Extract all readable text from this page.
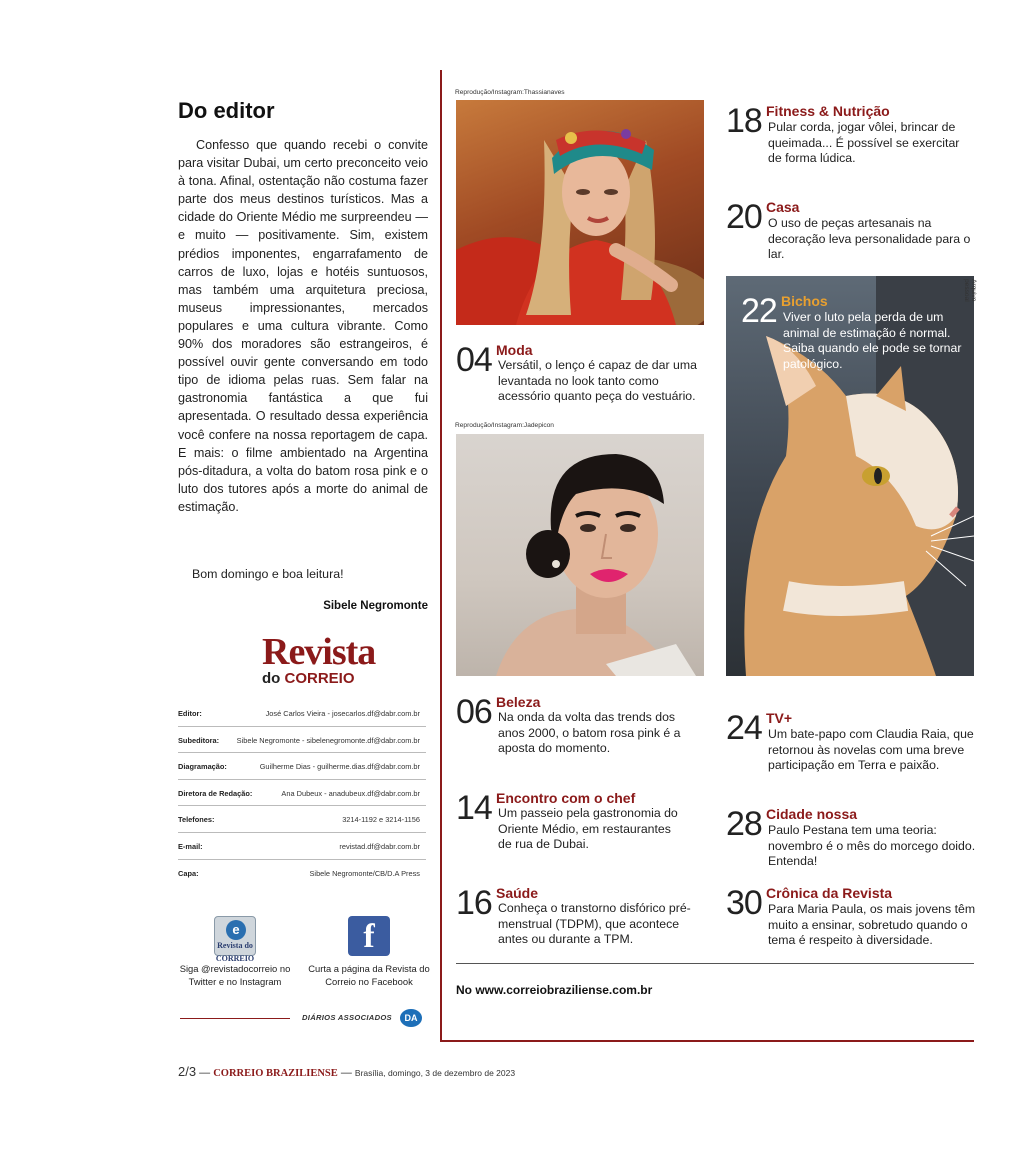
Do editor

Confesso que quando recebi o convite para visitar Dubai, um certo preconceito veio à tona. Afinal, ostentação não costuma fazer parte dos meus destinos turísticos. Mas a cidade do Oriente Médio me surpreendeu — e muito — positivamente. Sim, existem prédios imponentes, engarrafamento de carros de luxo, lojas e hotéis suntuosos, mas também uma arquitetura preciosa, museus impressionantes, mercados populares e uma cultura vibrante. Como 90% dos moradores são estrangeiros, é possível ouvir gente conversando em todo tipo de idioma pelas ruas. Sem falar na gastronomia fantástica a que fui apresentada. O resultado dessa experiência você confere na nossa reportagem de capa. E mais: o filme ambientado na Argentina pós-ditadura, a volta do batom rosa pink e o luto dos tutores após a morte do animal de estimação.

Bom domingo e boa leitura!
Sibele Negromonte
Revista
do CORREIO
Editor:	José Carlos Vieira - josecarlos.df@dabr.com.br
Subeditora: Sibele Negromonte - sibelenegromonte.df@dabr.com.br
Diagramação:	Guilherme Dias - guilherme.dias.df@dabr.com.br
Diretora de Redação:	Ana Dubeux - anadubeux.df@dabr.com.br
Telefones:	3214-1192 e 3214-1156
E-mail:	revistad.df@dabr.com.br
Capa:	Sibele Negromonte/CB/D.A Press
e
Revista do CORREIO
Siga @revistadocorreio no Twitter e no Instagram
f
Curta a página da Revista do Correio no Facebook
DIÁRIOS ASSOCIADOS	DA
2/3 — CORREIO BRAZILIENSE — Brasília, domingo, 3 de dezembro de 2023
Reprodução/Instagram:Thassianaves
Reprodução/Instagram:Jadepicon
Arquivo pessoal
04 Moda
Versátil, o lenço é capaz de dar uma levantada no look tanto como acessório quanto peça do vestuário.
06 Beleza
Na onda da volta das trends dos anos 2000, o batom rosa pink é a aposta do momento.
14 Encontro com o chef
Um passeio pela gastronomia do Oriente Médio, em restaurantes de rua de Dubai.
16 Saúde
Conheça o transtorno disfórico pré-menstrual (TDPM), que acontece antes ou durante a TPM.
18 Fitness & Nutrição
Pular corda, jogar vôlei, brincar de queimada... É possível se exercitar de forma lúdica.
20 Casa
O uso de peças artesanais na decoração leva personalidade para o lar.
22 Bichos
Viver o luto pela perda de um animal de estimação é normal. Saiba quando ele pode se tornar patológico.
24 TV+
Um bate-papo com Claudia Raia, que retornou às novelas com uma breve participação em Terra e paixão.
28 Cidade nossa
Paulo Pestana tem uma teoria: novembro é o mês do morcego doido. Entenda!
30 Crônica da Revista
Para Maria Paula, os mais jovens têm muito a ensinar, sobretudo quando o tema é respeito à diversidade.
No www.correiobraziliense.com.br
